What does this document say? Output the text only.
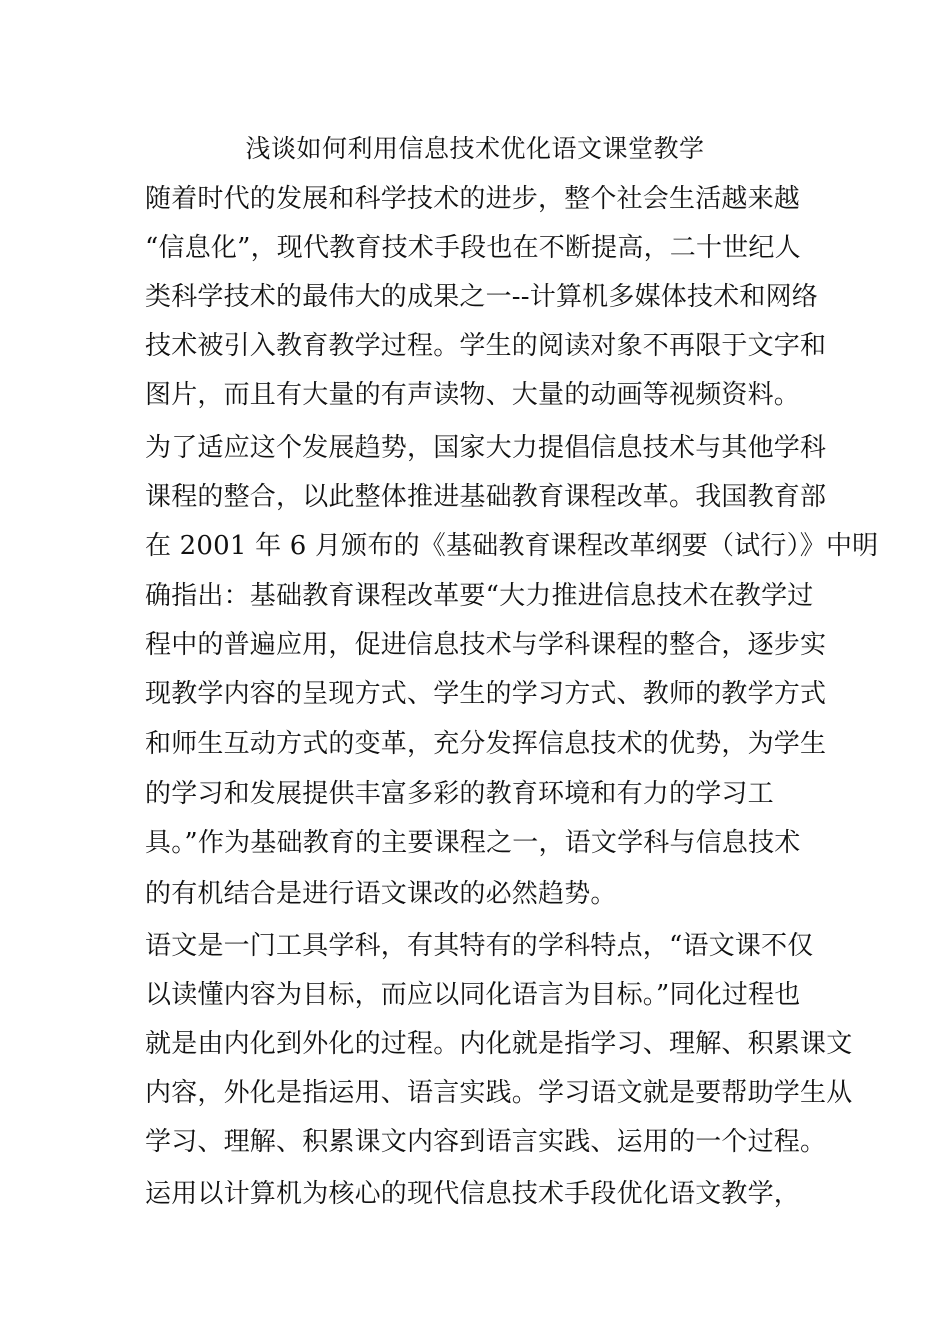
浅谈如何利用信息技术优化语文课堂教学
随着时代的发展和科学技术的进步，整个社会生活越来越
“信息化”，现代教育技术手段也在不断提高，二十世纪人
类科学技术的最伟大的成果之一--计算机多媒体技术和网络
技术被引入教育教学过程。学生的阅读对象不再限于文字和
图片，而且有大量的有声读物、大量的动画等视频资料。
为了适应这个发展趋势，国家大力提倡信息技术与其他学科
课程的整合，以此整体推进基础教育课程改革。我国教育部
在 2001 年 6 月颁布的《基础教育课程改革纲要（试行）》中明
确指出：基础教育课程改革要“大力推进信息技术在教学过
程中的普遍应用，促进信息技术与学科课程的整合，逐步实
现教学内容的呈现方式、学生的学习方式、教师的教学方式
和师生互动方式的变革，充分发挥信息技术的优势，为学生
的学习和发展提供丰富多彩的教育环境和有力的学习工
具。”作为基础教育的主要课程之一，语文学科与信息技术
的有机结合是进行语文课改的必然趋势。
语文是一门工具学科，有其特有的学科特点，“语文课不仅
以读懂内容为目标，而应以同化语言为目标。”同化过程也
就是由内化到外化的过程。内化就是指学习、理解、积累课文
内容，外化是指运用、语言实践。学习语文就是要帮助学生从
学习、理解、积累课文内容到语言实践、运用的一个过程。
运用以计算机为核心的现代信息技术手段优化语文教学，
